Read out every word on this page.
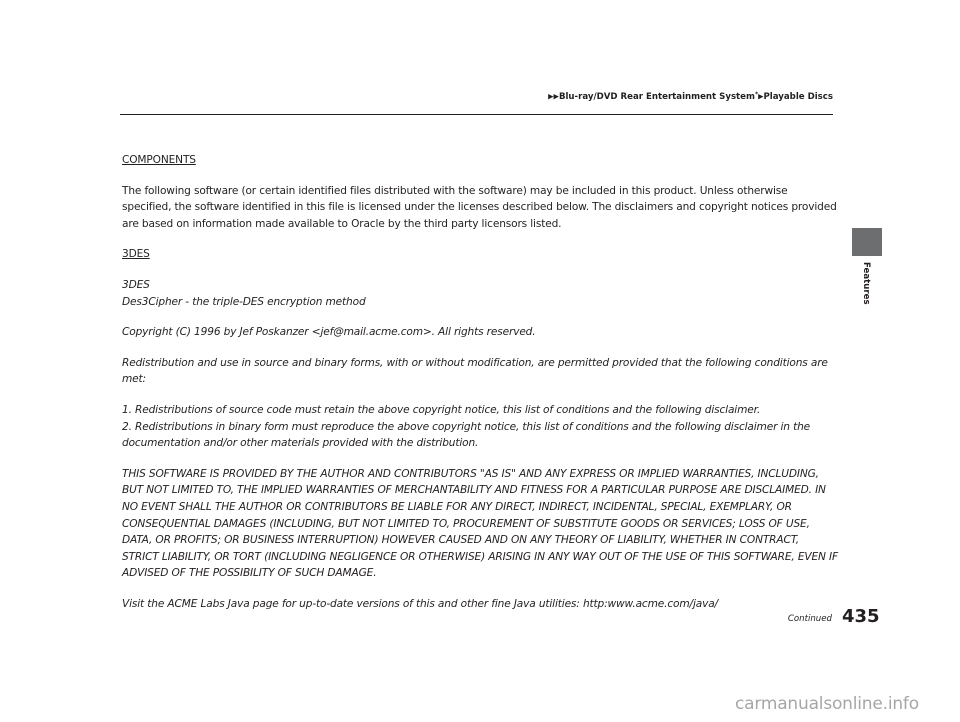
▶▶Blu-ray/DVD Rear Entertainment System*▶Playable Discs
Features

COMPONENTS

The following software (or certain identified files distributed with the software) may be included in this product. Unless otherwise specified, the software identified in this file is licensed under the licenses described below. The disclaimers and copyright notices provided are based on information made available to Oracle by the third party licensors listed.

3DES

3DES
Des3Cipher - the triple-DES encryption method

Copyright (C) 1996 by Jef Poskanzer <jef@mail.acme.com>. All rights reserved.

Redistribution and use in source and binary forms, with or without modification, are permitted provided that the following conditions are met:

1. Redistributions of source code must retain the above copyright notice, this list of conditions and the following disclaimer.
2. Redistributions in binary form must reproduce the above copyright notice, this list of conditions and the following disclaimer in the documentation and/or other materials provided with the distribution.

THIS SOFTWARE IS PROVIDED BY THE AUTHOR AND CONTRIBUTORS "AS IS" AND ANY EXPRESS OR IMPLIED WARRANTIES, INCLUDING, BUT NOT LIMITED TO, THE IMPLIED WARRANTIES OF MERCHANTABILITY AND FITNESS FOR A PARTICULAR PURPOSE ARE DISCLAIMED. IN NO EVENT SHALL THE AUTHOR OR CONTRIBUTORS BE LIABLE FOR ANY DIRECT, INDIRECT, INCIDENTAL, SPECIAL, EXEMPLARY, OR CONSEQUENTIAL DAMAGES (INCLUDING, BUT NOT LIMITED TO, PROCUREMENT OF SUBSTITUTE GOODS OR SERVICES; LOSS OF USE, DATA, OR PROFITS; OR BUSINESS INTERRUPTION) HOWEVER CAUSED AND ON ANY THEORY OF LIABILITY, WHETHER IN CONTRACT, STRICT LIABILITY, OR TORT (INCLUDING NEGLIGENCE OR OTHERWISE) ARISING IN ANY WAY OUT OF THE USE OF THIS SOFTWARE, EVEN IF ADVISED OF THE POSSIBILITY OF SUCH DAMAGE.

Visit the ACME Labs Java page for up-to-date versions of this and other fine Java utilities: http:www.acme.com/java/

Continued 435
carmanualsonline.info
